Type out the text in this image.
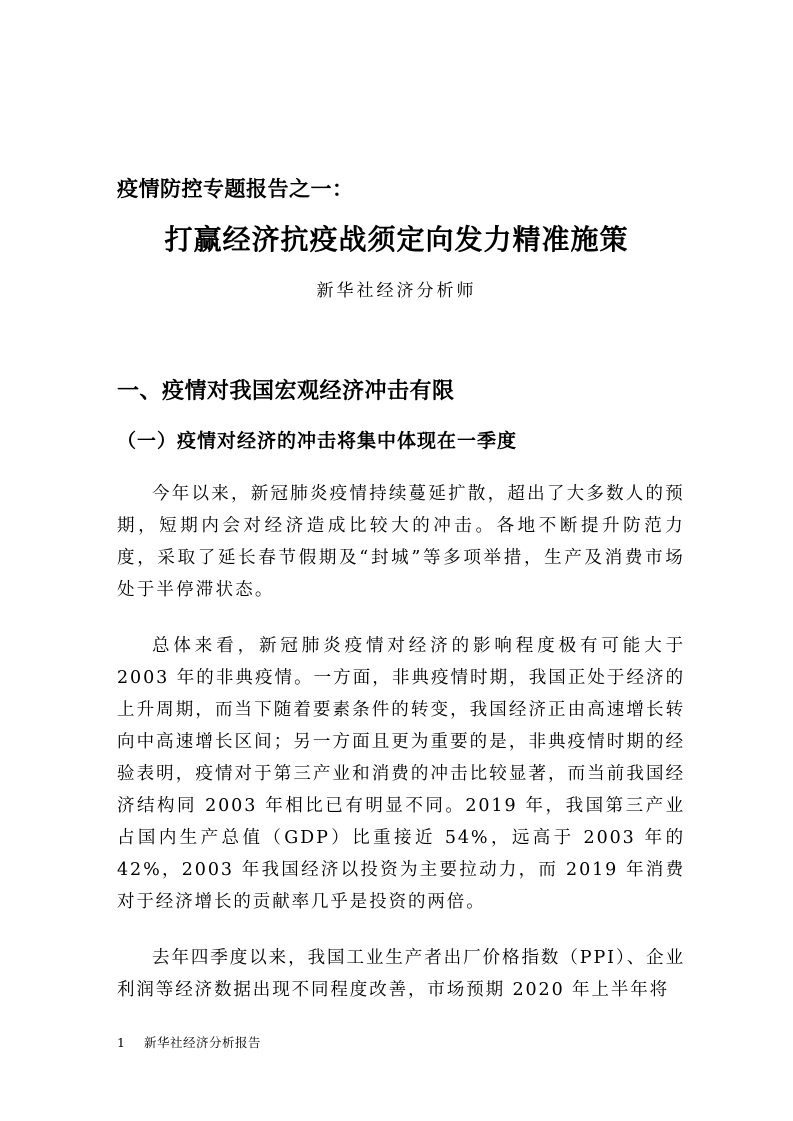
疫情防控专题报告之一：
打赢经济抗疫战须定向发力精准施策
新华社经济分析师
一、疫情对我国宏观经济冲击有限
（一）疫情对经济的冲击将集中体现在一季度

今年以来，新冠肺炎疫情持续蔓延扩散，超出了大多数人的预期，短期内会对经济造成比较大的冲击。各地不断提升防范力度，采取了延长春节假期及“封城”等多项举措，生产及消费市场处于半停滞状态。

总体来看，新冠肺炎疫情对经济的影响程度极有可能大于2003 年的非典疫情。一方面，非典疫情时期，我国正处于经济的上升周期，而当下随着要素条件的转变，我国经济正由高速增长转向中高速增长区间；另一方面且更为重要的是，非典疫情时期的经验表明，疫情对于第三产业和消费的冲击比较显著，而当前我国经济结构同 2003 年相比已有明显不同。2019 年，我国第三产业占国内生产总值（GDP）比重接近 54%，远高于 2003 年的 42%，2003 年我国经济以投资为主要拉动力，而 2019 年消费对于经济增长的贡献率几乎是投资的两倍。

去年四季度以来，我国工业生产者出厂价格指数（PPI）、企业利润等经济数据出现不同程度改善，市场预期 2020 年上半年将

1 新华社经济分析报告
